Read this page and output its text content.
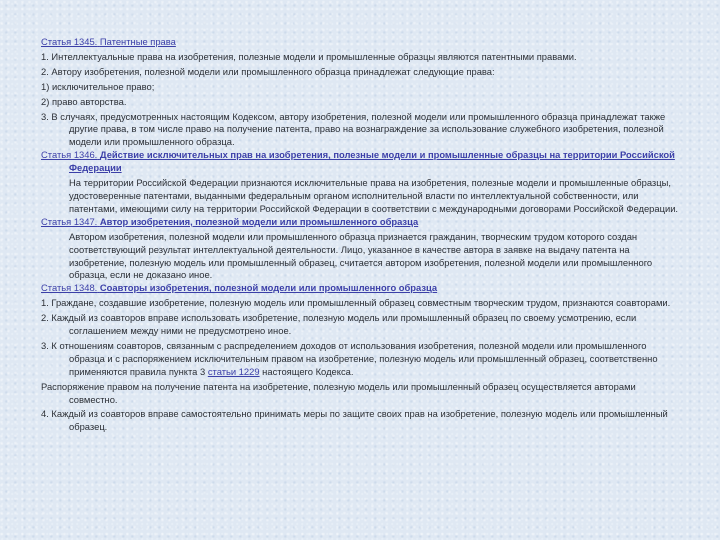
Статья 1345. Патентные права

1. Интеллектуальные права на изобретения, полезные модели и промышленные образцы являются патентными правами.

2. Автору изобретения, полезной модели или промышленного образца принадлежат следующие права:

1) исключительное право;

2) право авторства.

3. В случаях, предусмотренных настоящим Кодексом, автору изобретения, полезной модели или промышленного образца принадлежат также другие права, в том числе право на получение патента, право на вознаграждение за использование служебного изобретения, полезной модели или промышленного образца.

Статья 1346. Действие исключительных прав на изобретения, полезные модели и промышленные образцы на территории Российской Федерации

На территории Российской Федерации признаются исключительные права на изобретения, полезные модели и промышленные образцы, удостоверенные патентами, выданными федеральным органом исполнительной власти по интеллектуальной собственности, или патентами, имеющими силу на территории Российской Федерации в соответствии с международными договорами Российской Федерации.

Статья 1347. Автор изобретения, полезной модели или промышленного образца

Автором изобретения, полезной модели или промышленного образца признается гражданин, творческим трудом которого создан соответствующий результат интеллектуальной деятельности. Лицо, указанное в качестве автора в заявке на выдачу патента на изобретение, полезную модель или промышленный образец, считается автором изобретения, полезной модели или промышленного образца, если не доказано иное.

Статья 1348. Соавторы изобретения, полезной модели или промышленного образца

1. Граждане, создавшие изобретение, полезную модель или промышленный образец совместным творческим трудом, признаются соавторами.

2. Каждый из соавторов вправе использовать изобретение, полезную модель или промышленный образец по своему усмотрению, если соглашением между ними не предусмотрено иное.

3. К отношениям соавторов, связанным с распределением доходов от использования изобретения, полезной модели или промышленного образца и с распоряжением исключительным правом на изобретение, полезную модель или промышленный образец, соответственно применяются правила пункта 3 статьи 1229 настоящего Кодекса.

Распоряжение правом на получение патента на изобретение, полезную модель или промышленный образец осуществляется авторами совместно.

4. Каждый из соавторов вправе самостоятельно принимать меры по защите своих прав на изобретение, полезную модель или промышленный образец.
